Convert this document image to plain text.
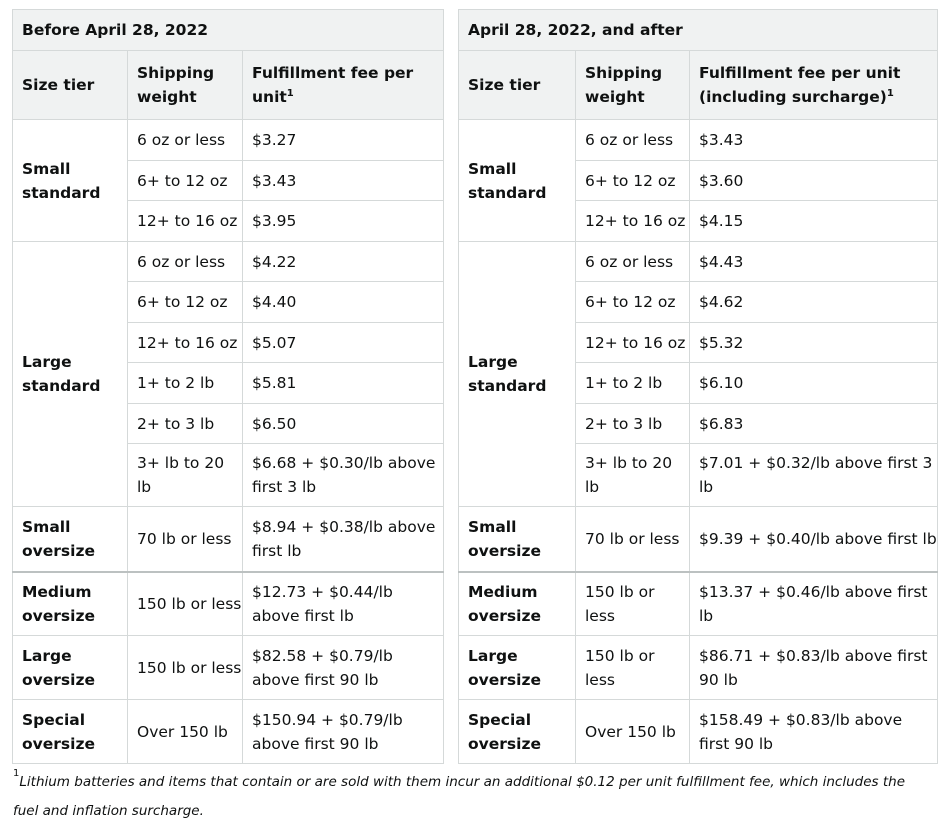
Before April 28, 2022		
Size tier	Shipping weight	Fulfillment fee per unit$^1$
Small standard	6 oz or less	$3.27
	6+ to 12 oz	$3.43
	12+ to 16 oz	$3.95
Large standard	6 oz or less	$4.22
	6+ to 12 oz	$4.40
	12+ to 16 oz	$5.07
	1+ to 2 lb	$5.81
	2+ to 3 lb	$6.50
	3+ lb to 20 lb	$6.68 + $0.30/lb above first 3 lb
Small oversize	70 lb or less	$8.94 + $0.38/lb above first lb
Medium oversize	150 lb or less	$12.73 + $0.44/lb above first lb
Large oversize	150 lb or less	$82.58 + $0.79/lb above first 90 lb
Special oversize	Over 150 lb	$150.94 + $0.79/lb above first 90 lb
April 28, 2022, and after		
Size tier	Shipping weight	Fulfillment fee per unit (including surcharge)$^1$
Small standard	6 oz or less	$3.43
	6+ to 12 oz	$3.60
	12+ to 16 oz	$4.15
Large standard	6 oz or less	$4.43
	6+ to 12 oz	$4.62
	12+ to 16 oz	$5.32
	1+ to 2 lb	$6.10
	2+ to 3 lb	$6.83
	3+ lb to 20 lb	$7.01 + $0.32/lb above first 3 lb
Small oversize	70 lb or less	$9.39 + $0.40/lb above first lb
Medium oversize	150 lb or less	$13.37 + $0.46/lb above first lb
Large oversize	150 lb or less	$86.71 + $0.83/lb above first 90 lb
Special oversize	Over 150 lb	$158.49 + $0.83/lb above first 90 lb
$^1$Lithium batteries and items that contain or are sold with them incur an additional $0.12 per unit fulfillment fee, which includes the fuel and inflation surcharge.
